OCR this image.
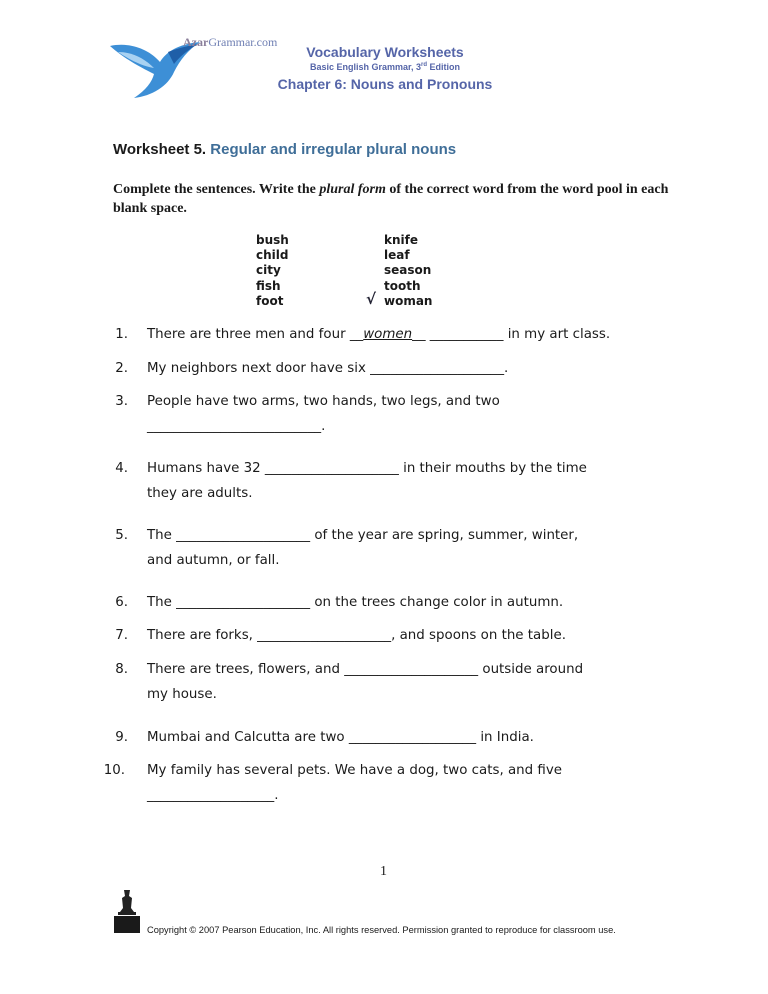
AzarGrammar.com
Vocabulary Worksheets
Basic English Grammar, 3rd Edition
Chapter 6: Nouns and Pronouns
Worksheet 5. Regular and irregular plural nouns
Complete the sentences. Write the plural form of the correct word from the word pool in each blank space.
bush
child
city
fish
foot
knife
leaf
season
tooth
woman
√
1. There are three men and four __women__ ___________ in my art class.
2. My neighbors next door have six ____________________.
3. People have two arms, two hands, two legs, and two
__________________________.
4. Humans have 32 ____________________ in their mouths by the time
they are adults.
5. The ____________________ of the year are spring, summer, winter,
and autumn, or fall.
6. The ____________________ on the trees change color in autumn.
7. There are forks, ____________________, and spoons on the table.
8. There are trees, flowers, and ____________________ outside around
my house.
9. Mumbai and Calcutta are two ___________________ in India.
10. My family has several pets. We have a dog, two cats, and five
___________________.
1
Copyright © 2007 Pearson Education, Inc. All rights reserved. Permission granted to reproduce for classroom use.
